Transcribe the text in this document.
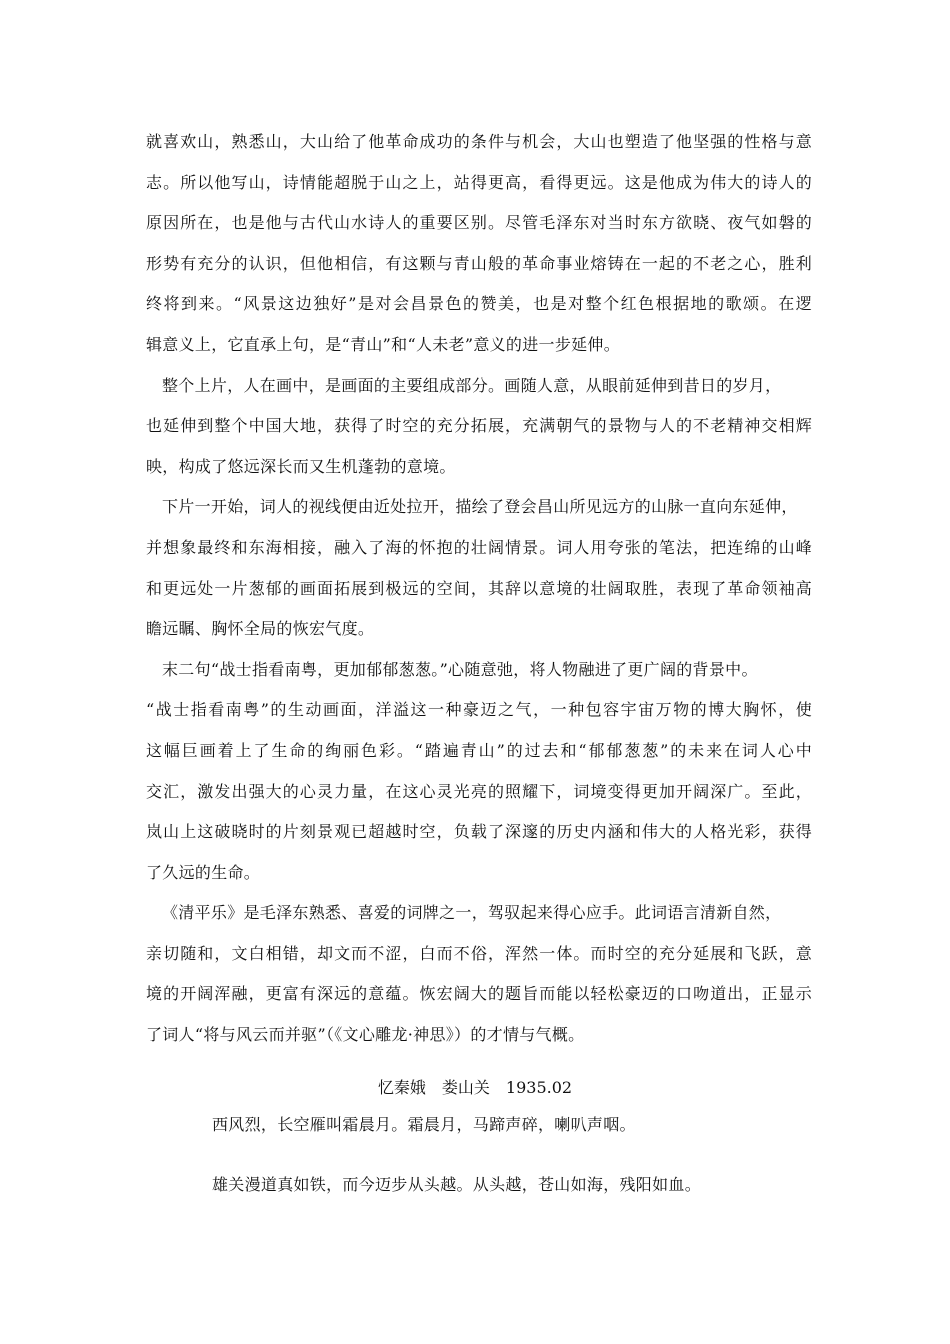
就喜欢山，熟悉山，大山给了他革命成功的条件与机会，大山也塑造了他坚强的性格与意
志。所以他写山，诗情能超脱于山之上，站得更高，看得更远。这是他成为伟大的诗人的
原因所在，也是他与古代山水诗人的重要区别。尽管毛泽东对当时东方欲晓、夜气如磐的
形势有充分的认识，但他相信，有这颗与青山般的革命事业熔铸在一起的不老之心，胜利
终将到来。“风景这边独好”是对会昌景色的赞美，也是对整个红色根据地的歌颂。在逻
辑意义上，它直承上句，是“青山”和“人未老”意义的进一步延伸。
整个上片，人在画中，是画面的主要组成部分。画随人意，从眼前延伸到昔日的岁月，
也延伸到整个中国大地，获得了时空的充分拓展，充满朝气的景物与人的不老精神交相辉
映，构成了悠远深长而又生机蓬勃的意境。
下片一开始，词人的视线便由近处拉开，描绘了登会昌山所见远方的山脉一直向东延伸，
并想象最终和东海相接，融入了海的怀抱的壮阔情景。词人用夸张的笔法，把连绵的山峰
和更远处一片葱郁的画面拓展到极远的空间，其辞以意境的壮阔取胜，表现了革命领袖高
瞻远瞩、胸怀全局的恢宏气度。
末二句“战士指看南粤，更加郁郁葱葱。”心随意弛，将人物融进了更广阔的背景中。
“战士指看南粤”的生动画面，洋溢这一种豪迈之气，一种包容宇宙万物的博大胸怀，使
这幅巨画着上了生命的绚丽色彩。“踏遍青山”的过去和“郁郁葱葱”的未来在词人心中
交汇，激发出强大的心灵力量，在这心灵光亮的照耀下，词境变得更加开阔深广。至此，
岚山上这破晓时的片刻景观已超越时空，负载了深邃的历史内涵和伟大的人格光彩，获得
了久远的生命。
《清平乐》是毛泽东熟悉、喜爱的词牌之一，驾驭起来得心应手。此词语言清新自然，
亲切随和，文白相错，却文而不涩，白而不俗，浑然一体。而时空的充分延展和飞跃，意
境的开阔浑融，更富有深远的意蕴。恢宏阔大的题旨而能以轻松豪迈的口吻道出，正显示
了词人“将与风云而并驱”（《文心雕龙·神思》）的才情与气概。
忆秦娥　娄山关　1935.02
西风烈，长空雁叫霜晨月。霜晨月，马蹄声碎，喇叭声咽。
雄关漫道真如铁，而今迈步从头越。从头越，苍山如海，残阳如血。
